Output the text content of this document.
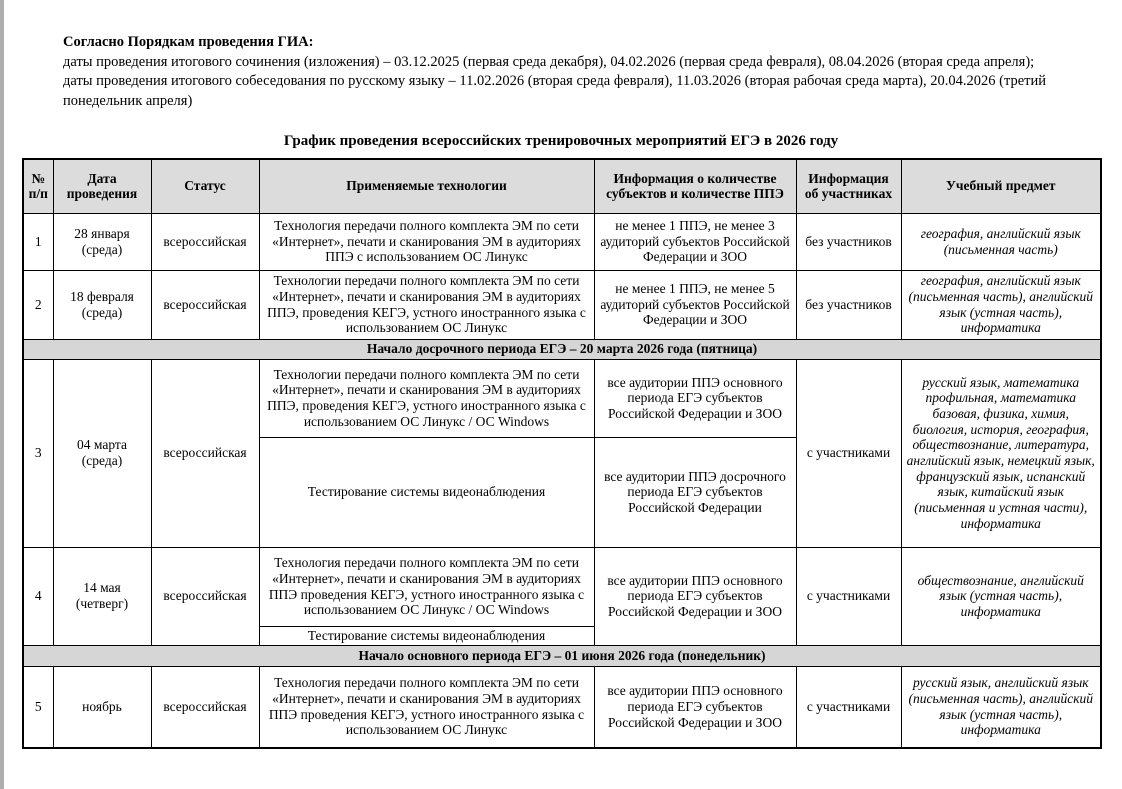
Согласно Порядкам проведения ГИА:
даты проведения итогового сочинения (изложения) – 03.12.2025 (первая среда декабря), 04.02.2026 (первая среда февраля), 08.04.2026 (вторая среда апреля);
даты проведения итогового собеседования по русскому языку – 11.02.2026 (вторая среда февраля), 11.03.2026 (вторая рабочая среда марта), 20.04.2026 (третий понедельник апреля)
График проведения всероссийских тренировочных мероприятий ЕГЭ в 2026 году
№ п/п	Дата проведения	Статус	Применяемые технологии	Информация о количестве субъектов и количестве ППЭ	Информация об участниках	Учебный предмет
1	28 января (среда)	всероссийская	Технология передачи полного комплекта ЭМ по сети «Интернет», печати и сканирования ЭМ в аудиториях ППЭ с использованием ОС Линукс	не менее 1 ППЭ, не менее 3 аудиторий субъектов Российской Федерации и ЗОО	без участников	география, английский язык (письменная часть)
2	18 февраля (среда)	всероссийская	Технологии передачи полного комплекта ЭМ по сети «Интернет», печати и сканирования ЭМ в аудиториях ППЭ, проведения КЕГЭ, устного иностранного языка с использованием ОС Линукс	не менее 1 ППЭ, не менее 5 аудиторий субъектов Российской Федерации и ЗОО	без участников	география, английский язык (письменная часть), английский язык (устная часть), информатика
Начало досрочного периода ЕГЭ – 20 марта 2026 года (пятница)						
3	04 марта (среда)	всероссийская	Технологии передачи полного комплекта ЭМ по сети «Интернет», печати и сканирования ЭМ в аудиториях ППЭ, проведения КЕГЭ, устного иностранного языка с использованием ОС Линукс / ОС Windows	все аудитории ППЭ основного периода ЕГЭ субъектов Российской Федерации и ЗОО	с участниками	русский язык, математика профильная, математика базовая, физика, химия, биология, история, география, обществознание, литература, английский язык, немецкий язык, французский язык, испанский язык, китайский язык (письменная и устная части), информатика
			Тестирование системы видеонаблюдения	все аудитории ППЭ досрочного периода ЕГЭ субъектов Российской Федерации		
4	14 мая (четверг)	всероссийская	Технология передачи полного комплекта ЭМ по сети «Интернет», печати и сканирования ЭМ в аудиториях ППЭ проведения КЕГЭ, устного иностранного языка с использованием ОС Линукс / ОС Windows	все аудитории ППЭ основного периода ЕГЭ субъектов Российской Федерации и ЗОО	с участниками	обществознание, английский язык (устная часть), информатика
			Тестирование системы видеонаблюдения			
Начало основного периода ЕГЭ – 01 июня 2026 года (понедельник)						
5	ноябрь	всероссийская	Технология передачи полного комплекта ЭМ по сети «Интернет», печати и сканирования ЭМ в аудиториях ППЭ проведения КЕГЭ, устного иностранного языка с использованием ОС Линукс	все аудитории ППЭ основного периода ЕГЭ субъектов Российской Федерации и ЗОО	с участниками	русский язык, английский язык (письменная часть), английский язык (устная часть), информатика
